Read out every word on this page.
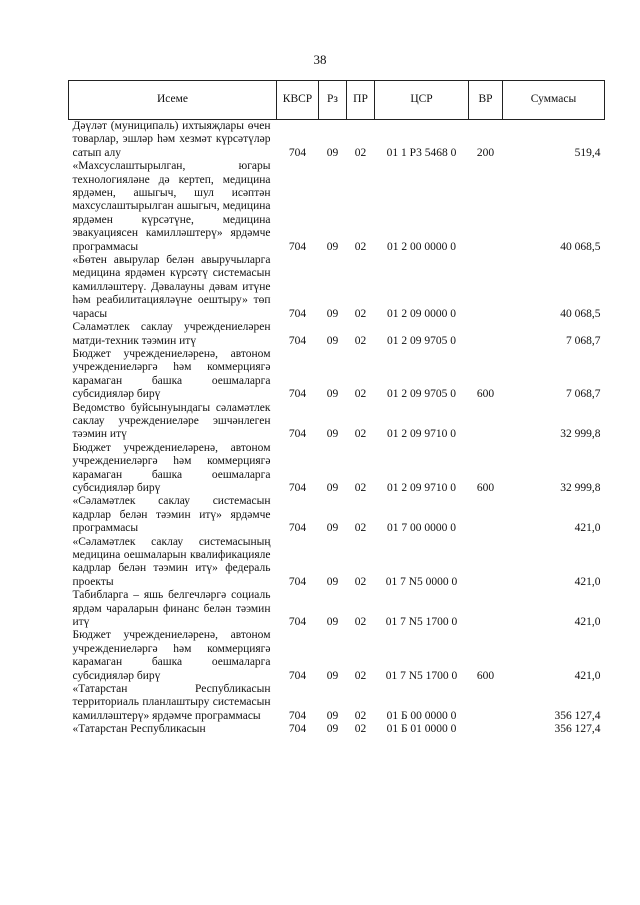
38
Исеме	КВСР	Рз	ПР	ЦСР	ВР	Суммасы
Дәүләт (муниципаль) ихтыяҗлары өчен товарлар, эшләр һәм хезмәт күрсәтүләр сатып алу	704	09	02	01 1 Р3 5468 0	200	519,4
«Махсуслаштырылган, югары технологияләне дә кертеп, медицина ярдәмен, ашыгыч, шул исәптән махсуслаштырылган ашыгыч, медицина ярдәмен күрсәтүне, медицина эвакуациясен камилләштерү» ярдәмче программасы	704	09	02	01 2 00 0000 0		40 068,5
«Бөтен авырулар белән авыручыларга медицина ярдәмен күрсәтү системасын камилләштерү. Дәвалауны дәвам итүне һәм реабилитацияләүне оештыру» төп чарасы	704	09	02	01 2 09 0000 0		40 068,5
Сәламәтлек саклау учреждениеләрен матди-техник тәэмин итү	704	09	02	01 2 09 9705 0		7 068,7
Бюджет учреждениеләренә, автоном учреждениеләргә һәм коммерциягә карамаган башка оешмаларга субсидияләр бирү	704	09	02	01 2 09 9705 0	600	7 068,7
Ведомство буйсынуындагы сәламәтлек саклау учреждениеләре эшчәнлеген тәэмин итү	704	09	02	01 2 09 9710 0		32 999,8
Бюджет учреждениеләренә, автоном учреждениеләргә һәм коммерциягә карамаган башка оешмаларга субсидияләр бирү	704	09	02	01 2 09 9710 0	600	32 999,8
«Сәламәтлек саклау системасын кадрлар белән тәэмин итү» ярдәмче программасы	704	09	02	01 7 00 0000 0		421,0
«Сәламәтлек саклау системасының медицина оешмаларын квалификацияле кадрлар белән тәэмин итү» федераль проекты	704	09	02	01 7 N5 0000 0		421,0
Табибларга – яшь белгечләргә социаль ярдәм чараларын финанс белән тәэмин итү	704	09	02	01 7 N5 1700 0		421,0
Бюджет учреждениеләренә, автоном учреждениеләргә һәм коммерциягә карамаган башка оешмаларга субсидияләр бирү	704	09	02	01 7 N5 1700 0	600	421,0
«Татарстан Республикасын территориаль планлаштыру системасын камилләштерү» ярдәмче программасы	704	09	02	01 Б 00 0000 0		356 127,4
«Татарстан Республикасын	704	09	02	01 Б 01 0000 0		356 127,4
